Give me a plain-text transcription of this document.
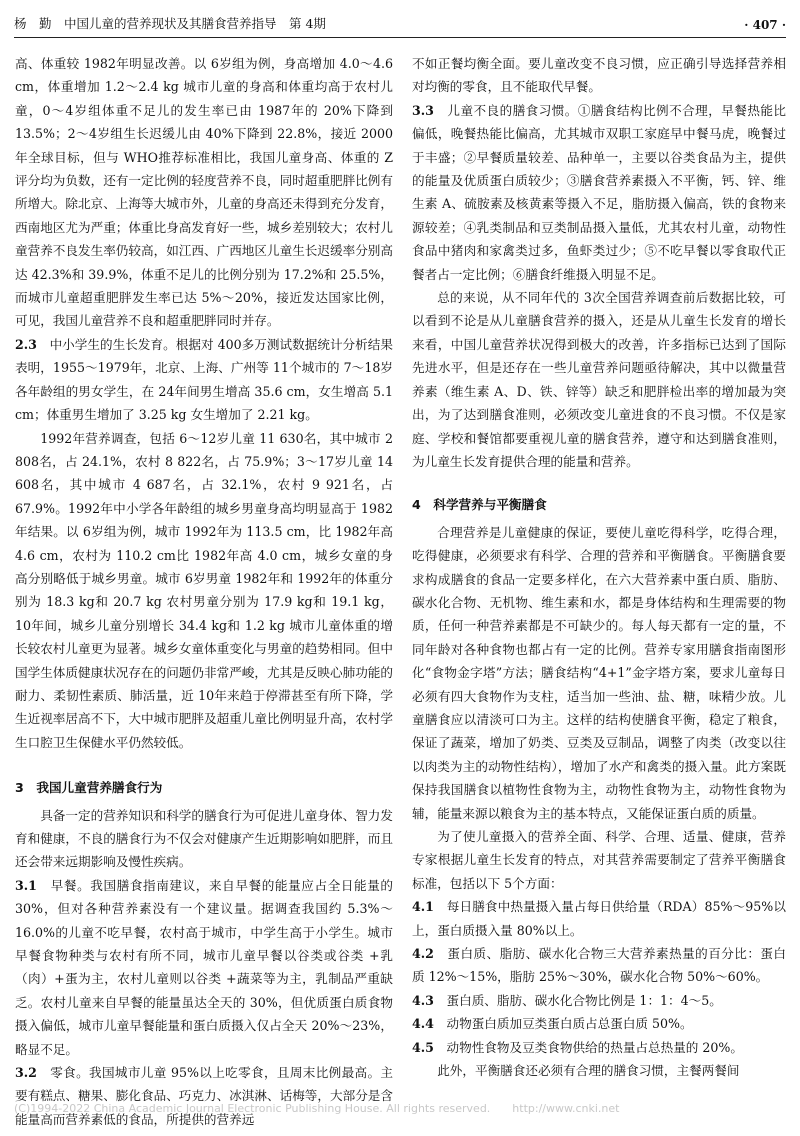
杨　勤　中国儿童的营养现状及其膳食营养指导　第 4期	· 407 ·

高、体重较 1982年明显改善。以 6岁组为例，身高增加 4.0～4.6 cm，体重增加 1.2～2.4 kg 城市儿童的身高和体重均高于农村儿童，0～4岁组体重不足儿的发生率已由 1987年的 20%下降到 13.5%；2～4岁组生长迟缓儿由 40%下降到 22.8%，接近 2000年全球目标，但与 WHO推荐标准相比，我国儿童身高、体重的 Z评分均为负数，还有一定比例的轻度营养不良，同时超重肥胖比例有所增大。除北京、上海等大城市外，儿童的身高还未得到充分发育，西南地区尤为严重；体重比身高发育好一些，城乡差别较大；农村儿童营养不良发生率仍较高，如江西、广西地区儿童生长迟缓率分别高达 42.3%和 39.9%，体重不足儿的比例分别为 17.2%和 25.5%，而城市儿童超重肥胖发生率已达 5%～20%，接近发达国家比例，可见，我国儿童营养不良和超重肥胖同时并存。

2.3　 中小学生的生长发育。根据对 400多万测试数据统计分析结果表明，1955～1979年，北京、上海、广州等 11个城市的 7～18岁各年龄组的男女学生，在 24年间男生增高 35.6 cm，女生增高 5.1 cm；体重男生增加了 3.25 kg 女生增加了 2.21 kg。

1992年营养调查，包括 6～12岁儿童 11 630名，其中城市 2 808名，占 24.1%，农村 8 822名，占 75.9%；3～17岁儿童 14 608名，其中城市 4 687名，占 32.1%，农村 9 921名，占 67.9%。1992年中小学各年龄组的城乡男童身高均明显高于 1982年结果。以 6岁组为例，城市 1992年为 113.5 cm，比 1982年高 4.6 cm，农村为 110.2 cm比 1982年高 4.0 cm，城乡女童的身高分别略低于城乡男童。城市 6岁男童 1982年和 1992年的体重分别为 18.3 kg和 20.7 kg 农村男童分别为 17.9 kg和 19.1 kg，10年间，城乡儿童分别增长 34.4 kg和 1.2 kg 城市儿童体重的增长较农村儿童更为显著。城乡女童体重变化与男童的趋势相同。但中国学生体质健康状况存在的问题仍非常严峻，尤其是反映心肺功能的耐力、柔韧性素质、肺活量，近 10年来趋于停滞甚至有所下降，学生近视率居高不下，大中城市肥胖及超重儿童比例明显升高，农村学生口腔卫生保健水平仍然较低。

3　我国儿童营养膳食行为

具备一定的营养知识和科学的膳食行为可促进儿童身体、智力发育和健康，不良的膳食行为不仅会对健康产生近期影响如肥胖，而且还会带来远期影响及慢性疾病。

3.1　 早餐。我国膳食指南建议，来自早餐的能量应占全日能量的 30%，但对各种营养素没有一个建议量。据调查我国约 5.3%～16.0%的儿童不吃早餐，农村高于城市，中学生高于小学生。城市早餐食物种类与农村有所不同，城市儿童早餐以谷类或谷类 +乳（肉）+蛋为主，农村儿童则以谷类 +蔬菜等为主，乳制品严重缺乏。农村儿童来自早餐的能量虽达全天的 30%，但优质蛋白质食物摄入偏低，城市儿童早餐能量和蛋白质摄入仅占全天 20%～23%，略显不足。

3.2　 零食。我国城市儿童 95%以上吃零食，且周末比例最高。主要有糕点、糖果、膨化食品、巧克力、冰淇淋、话梅等，大部分是含能量高而营养素低的食品，所提供的营养远

不如正餐均衡全面。要儿童改变不良习惯，应正确引导选择营养相对均衡的零食，且不能取代早餐。

3.3　 儿童不良的膳食习惯。①膳食结构比例不合理，早餐热能比偏低，晚餐热能比偏高，尤其城市双职工家庭早中餐马虎，晚餐过于丰盛；②早餐质量较差、品种单一，主要以谷类食品为主，提供的能量及优质蛋白质较少；③膳食营养素摄入不平衡，钙、锌、维生素 A、硫胺素及核黄素等摄入不足，脂肪摄入偏高，铁的食物来源较差；④乳类制品和豆类制品摄入量低，尤其农村儿童，动物性食品中猪肉和家禽类过多，鱼虾类过少；⑤不吃早餐以零食取代正餐者占一定比例；⑥膳食纤维摄入明显不足。

总的来说，从不同年代的 3次全国营养调查前后数据比较，可以看到不论是从儿童膳食营养的摄入，还是从儿童生长发育的增长来看，中国儿童营养状况得到极大的改善，许多指标已达到了国际先进水平，但是还存在一些儿童营养问题亟待解决，其中以微量营养素（维生素 A、D、铁、锌等）缺乏和肥胖检出率的增加最为突出，为了达到膳食准则，必须改变儿童进食的不良习惯。不仅是家庭、学校和餐馆都要重视儿童的膳食营养，遵守和达到膳食准则，为儿童生长发育提供合理的能量和营养。

4　科学营养与平衡膳食

合理营养是儿童健康的保证，要使儿童吃得科学，吃得合理，吃得健康，必须要求有科学、合理的营养和平衡膳食。平衡膳食要求构成膳食的食品一定要多样化，在六大营养素中蛋白质、脂肪、碳水化合物、无机物、维生素和水，都是身体结构和生理需要的物质，任何一种营养素都是不可缺少的。每人每天都有一定的量，不同年龄对各种食物也都占有一定的比例。营养专家用膳食指南图形化“食物金字塔”方法；膳食结构“4+1”金字塔方案，要求儿童每日必须有四大食物作为支柱，适当加一些油、盐、糖，味精少放。儿童膳食应以清淡可口为主。这样的结构使膳食平衡，稳定了粮食，保证了蔬菜，增加了奶类、豆类及豆制品，调整了肉类（改变以往以肉类为主的动物性结构），增加了水产和禽类的摄入量。此方案既保持我国膳食以植物性食物为主，动物性食物为主，动物性食物为辅，能量来源以粮食为主的基本特点，又能保证蛋白质的质量。

为了使儿童摄入的营养全面、科学、合理、适量、健康，营养专家根据儿童生长发育的特点，对其营养需要制定了营养平衡膳食标准，包括以下 5个方面：

4.1　 每日膳食中热量摄入量占每日供给量（RDA）85%～95%以上，蛋白质摄入量 80%以上。

4.2　 蛋白质、脂肪、碳水化合物三大营养素热量的百分比：蛋白质 12%～15%，脂肪 25%～30%，碳水化合物 50%～60%。

4.3　 蛋白质、脂肪、碳水化合物比例是 1：1：4～5。

4.4　 动物蛋白质加豆类蛋白质占总蛋白质 50%。

4.5　 动物性食物及豆类食物供给的热量占总热量的 20%。

此外，平衡膳食还必须有合理的膳食习惯，主餐两餐间

(C)1994-2022 China Academic Journal Electronic Publishing House. All rights reserved.　　http://www.cnki.net
